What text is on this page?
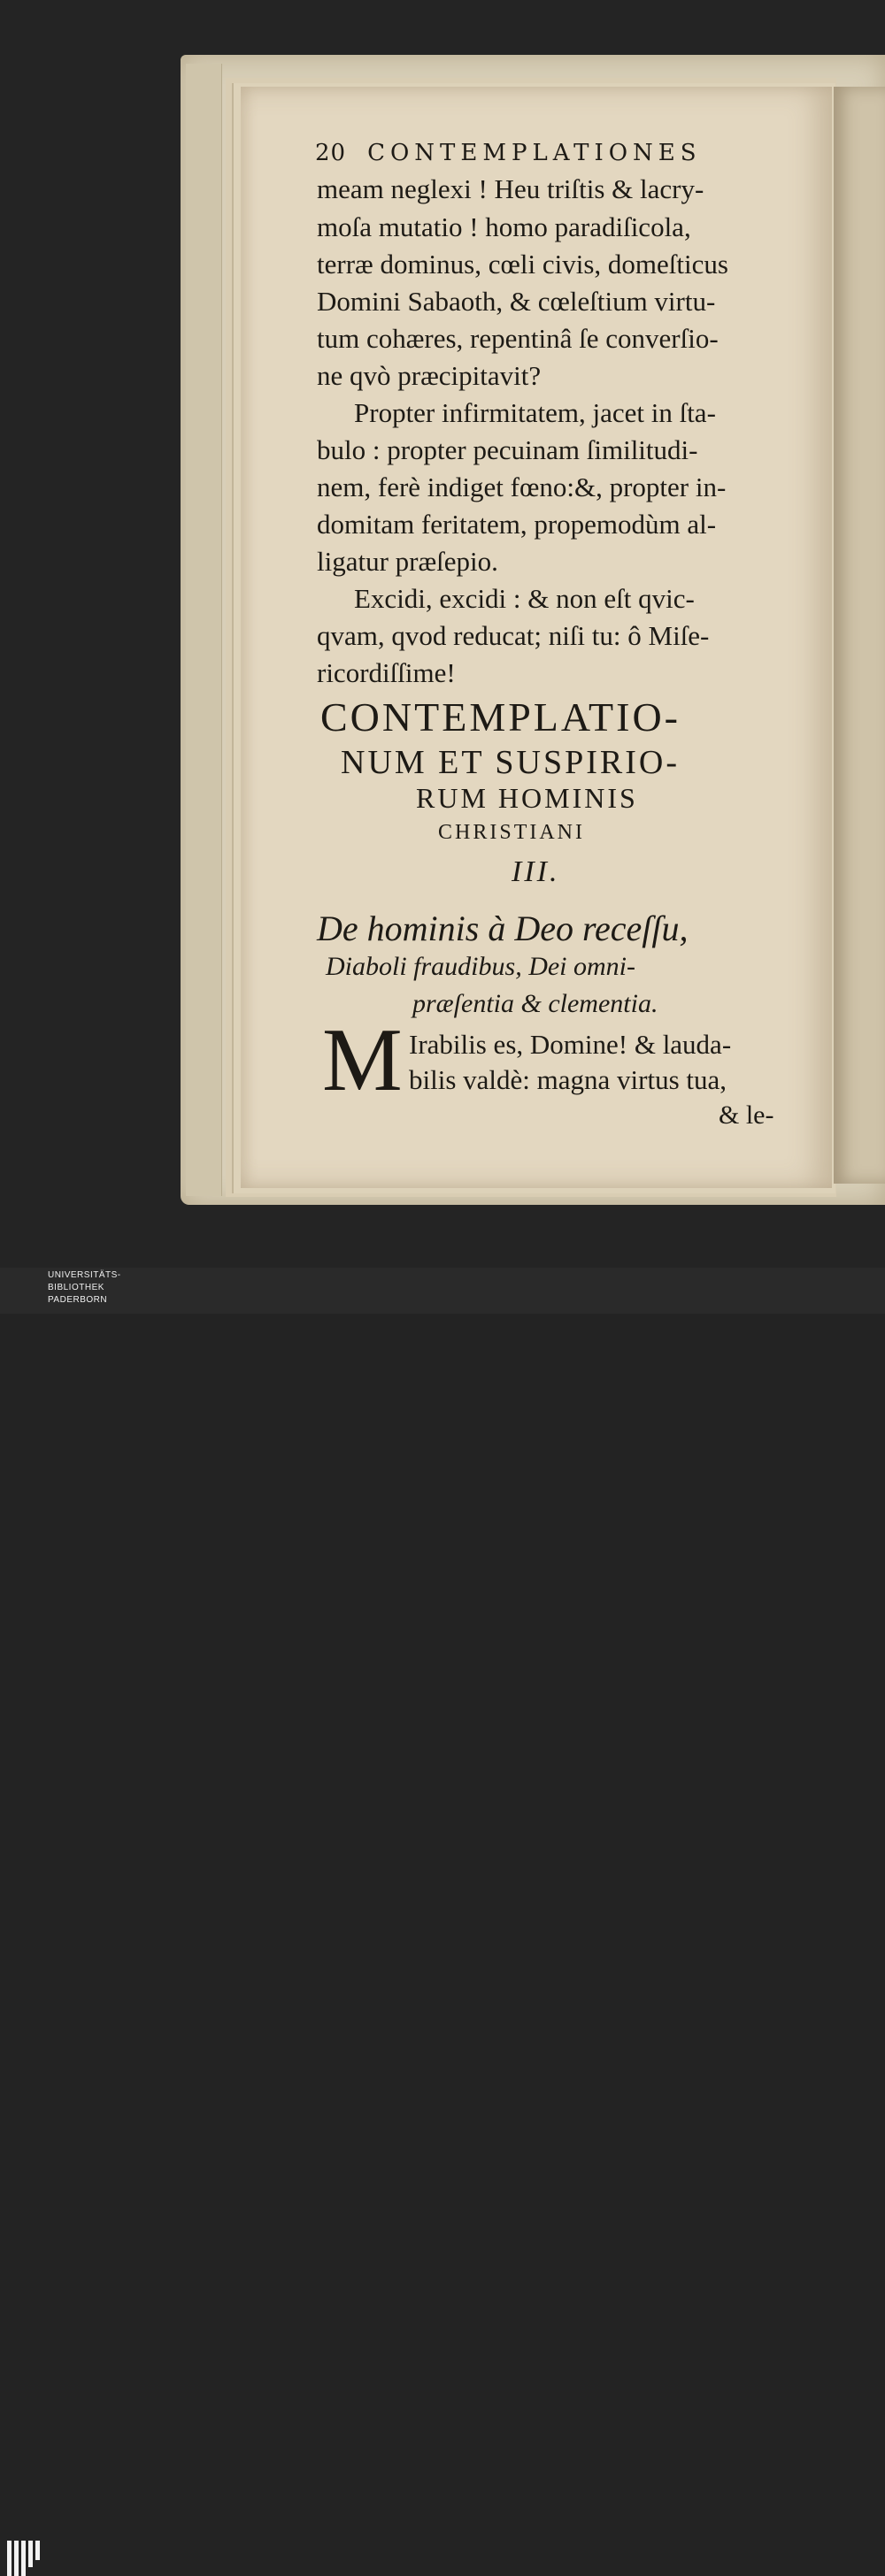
20 CONTEMPLATIONES
meam neglexi ! Heu triſtis & lacry-
moſa mutatio ! homo paradiſicola,
terræ dominus, cœli civis, domeſticus
Domini Sabaoth, & cœleſtium virtu-
tum cohæres, repentinâ ſe converſio-
ne qvò præcipitavit?
Propter infirmitatem, jacet in ſta-
bulo : propter pecuinam ſimilitudi-
nem, ferè indiget fœno:&, propter in-
domitam feritatem, propemodùm al-
ligatur præſepio.
Excidi, excidi : & non eſt qvic-
qvam, qvod reducat; niſi tu: ô Miſe-
ricordiſſime!
CONTEMPLATIO-
NUM ET SUSPIRIO-
RUM HOMINIS
CHRISTIANI
III.
De hominis à Deo receſſu,
Diaboli fraudibus, Dei omni-
præſentia & clementia.
M Irabilis es, Domine! & lauda-
bilis valdè: magna virtus tua,
& le-
UNIVERSITÄTS-
BIBLIOTHEK
PADERBORN
